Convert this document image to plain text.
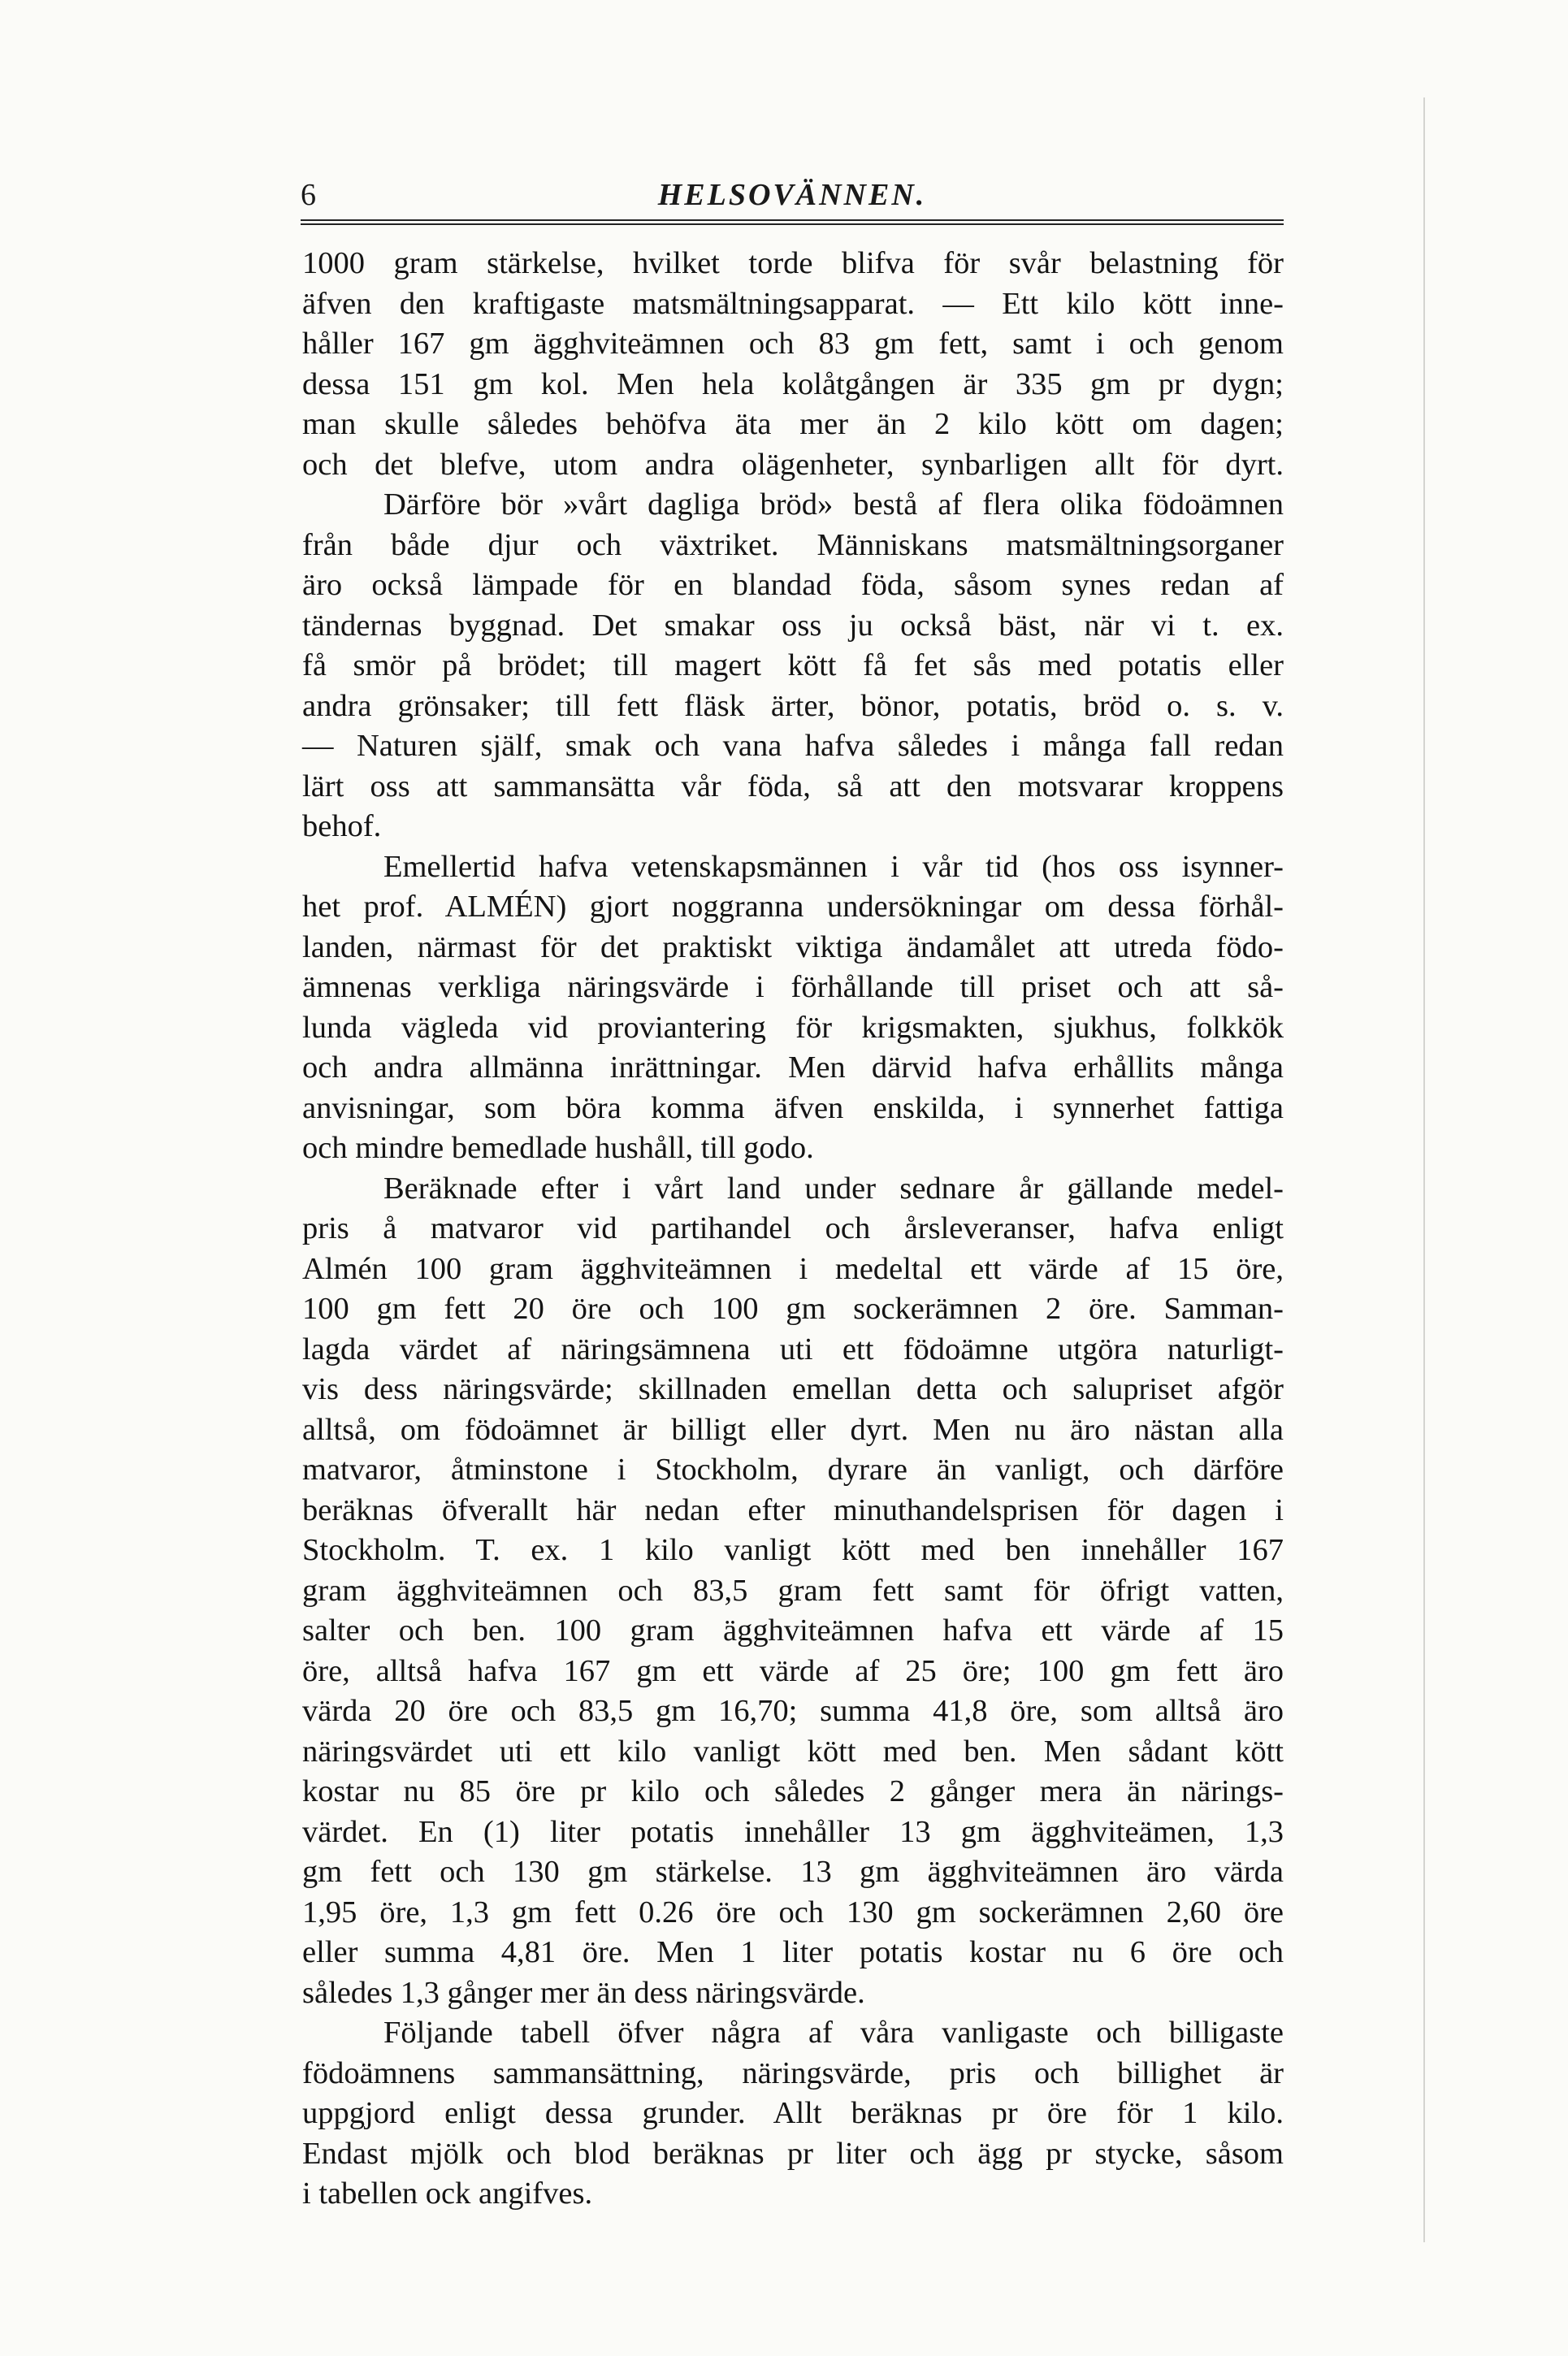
6	HELSOVÄNNEN.
1000 gram stärkelse, hvilket torde blifva för svår belastning för
äfven den kraftigaste matsmältningsapparat. — Ett kilo kött inne-
håller 167 gm ägghviteämnen och 83 gm fett, samt i och genom
dessa 151 gm kol. Men hela kolåtgången är 335 gm pr dygn;
man skulle således behöfva äta mer än 2 kilo kött om dagen;
och det blefve, utom andra olägenheter, synbarligen allt för dyrt.
Därföre bör »vårt dagliga bröd» bestå af flera olika födoämnen
från både djur och växtriket. Människans matsmältningsorganer
äro också lämpade för en blandad föda, såsom synes redan af
tändernas byggnad. Det smakar oss ju också bäst, när vi t. ex.
få smör på brödet; till magert kött få fet sås med potatis eller
andra grönsaker; till fett fläsk ärter, bönor, potatis, bröd o. s. v.
— Naturen själf, smak och vana hafva således i många fall redan
lärt oss att sammansätta vår föda, så att den motsvarar kroppens
behof.
Emellertid hafva vetenskapsmännen i vår tid (hos oss isynner-
het prof. ALMÉN) gjort noggranna undersökningar om dessa förhål-
landen, närmast för det praktiskt viktiga ändamålet att utreda födo-
ämnenas verkliga näringsvärde i förhållande till priset och att så-
lunda vägleda vid proviantering för krigsmakten, sjukhus, folkkök
och andra allmänna inrättningar. Men därvid hafva erhållits många
anvisningar, som böra komma äfven enskilda, i synnerhet fattiga
och mindre bemedlade hushåll, till godo.
Beräknade efter i vårt land under sednare år gällande medel-
pris å matvaror vid partihandel och årsleveranser, hafva enligt
Almén 100 gram ägghviteämnen i medeltal ett värde af 15 öre,
100 gm fett 20 öre och 100 gm sockerämnen 2 öre. Samman-
lagda värdet af näringsämnena uti ett födoämne utgöra naturligt-
vis dess näringsvärde; skillnaden emellan detta och salupriset afgör
alltså, om födoämnet är billigt eller dyrt. Men nu äro nästan alla
matvaror, åtminstone i Stockholm, dyrare än vanligt, och därföre
beräknas öfverallt här nedan efter minuthandelsprisen för dagen i
Stockholm. T. ex. 1 kilo vanligt kött med ben innehåller 167
gram ägghviteämnen och 83,5 gram fett samt för öfrigt vatten,
salter och ben. 100 gram ägghviteämnen hafva ett värde af 15
öre, alltså hafva 167 gm ett värde af 25 öre; 100 gm fett äro
värda 20 öre och 83,5 gm 16,70; summa 41,8 öre, som alltså äro
näringsvärdet uti ett kilo vanligt kött med ben. Men sådant kött
kostar nu 85 öre pr kilo och således 2 gånger mera än närings-
värdet. En (1) liter potatis innehåller 13 gm ägghviteämen, 1,3
gm fett och 130 gm stärkelse. 13 gm ägghviteämnen äro värda
1,95 öre, 1,3 gm fett 0.26 öre och 130 gm sockerämnen 2,60 öre
eller summa 4,81 öre. Men 1 liter potatis kostar nu 6 öre och
således 1,3 gånger mer än dess näringsvärde.
Följande tabell öfver några af våra vanligaste och billigaste
födoämnens sammansättning, näringsvärde, pris och billighet är
uppgjord enligt dessa grunder. Allt beräknas pr öre för 1 kilo.
Endast mjölk och blod beräknas pr liter och ägg pr stycke, såsom
i tabellen ock angifves.
